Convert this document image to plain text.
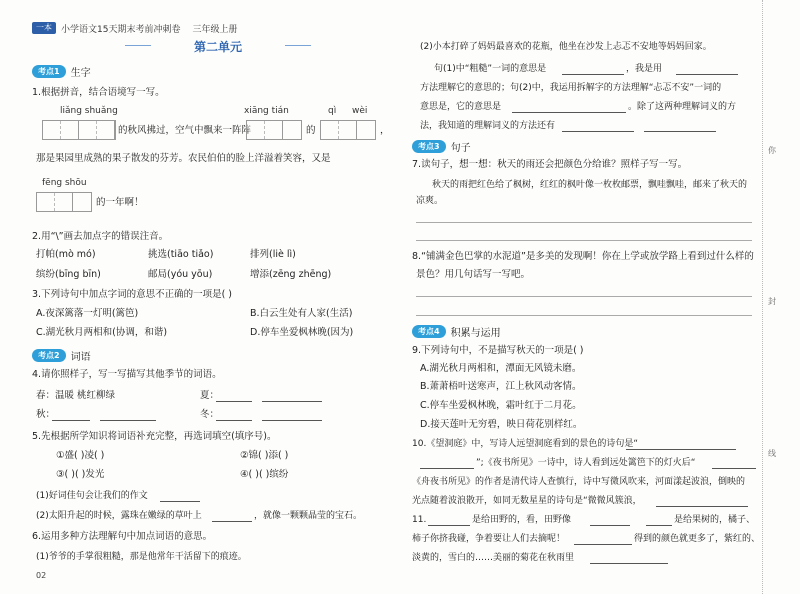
一本	小学语文15天期末考前冲刺卷 三年级上册
第二单元
考点1	生字
1.根据拼音，结合语境写一写。
liǎng shuǎng
的秋风拂过，空气中飘来一阵阵
xiāng tián
的
qì wèi
，
那是果园里成熟的果子散发的芬芳。农民伯伯的脸上洋溢着笑容，又是
fēng shōu
的一年啊！
2.用“\”画去加点字的错误注音。
打帕(mò mó)	挑选(tiāo tiǎo)	排列(liè lì)
缤纷(bīng bīn)	邮局(yóu yōu)	增添(zēng zhēng)
3.下列诗句中加点字词的意思不正确的一项是( )
A.夜深篱落一灯明(篱笆)	B.白云生处有人家(生活)
C.湖光秋月两相和(协调，和谐)	D.停车坐爱枫林晚(因为)
考点2	词语
4.请你照样子，写一写描写其他季节的词语。
春：温暖 桃红柳绿	夏：
秋：	冬：
5.先根据所学知识将词语补充完整，再选词填空(填序号)。
①盛( )凌( )	②锦( )添( )
③( )( )发光	④( )( )缤纷
(1)好词佳句会让我们的作文
(2)太阳升起的时候，露珠在嫩绿的草叶上	，就像一颗颗晶莹的宝石。
6.运用多种方法理解句中加点词语的意思。
(1)爷爷的手掌很粗糙，那是他常年干活留下的痕迹。
02
(2)小本打碎了妈妈最喜欢的花瓶，他坐在沙发上忐忑不安地等妈妈回家。
句(1)中“粗糙”一词的意思是	，我是用
方法理解它的意思的；句(2)中，我运用拆解字的方法理解“忐忑不安”一词的
意思是，它的意思是	。除了这两种理解词义的方
法，我知道的理解词义的方法还有
考点3	句子
7.读句子，想一想：秋天的雨还会把颜色分给谁？照样子写一写。
秋天的雨把红色给了枫树，红红的枫叶像一枚枚邮票，飘哇飘哇，邮来了秋天的
凉爽。
8.“铺满金色巴掌的水泥道”是多美的发现啊！你在上学或放学路上看到过什么样的
景色？用几句话写一写吧。
考点4	积累与运用
9.下列诗句中，不是描写秋天的一项是( )
A.湖光秋月两相和，潭面无风镜未磨。
B.萧萧梧叶送寒声，江上秋风动客情。
C.停车坐爱枫林晚，霜叶红于二月花。
D.接天莲叶无穷碧，映日荷花别样红。
10.《望洞庭》中，写诗人远望洞庭看到的景色的诗句是“
”;《夜书所见》一诗中，诗人看到远处篱笆下的灯火后“
《舟夜书所见》的作者是清代诗人查慎行，诗中写微风吹来，河面漾起波浪，倒映的
光点随着波浪散开，如同无数星星的诗句是“微微风簇浪，
11.	是给田野的，看，田野像	是给果树的，橘子、
柿子你挤我碰，争着要让人们去摘呢！	得到的颜色就更多了，紫红的、
淡黄的，雪白的……美丽的菊花在秋雨里
你
封
线
